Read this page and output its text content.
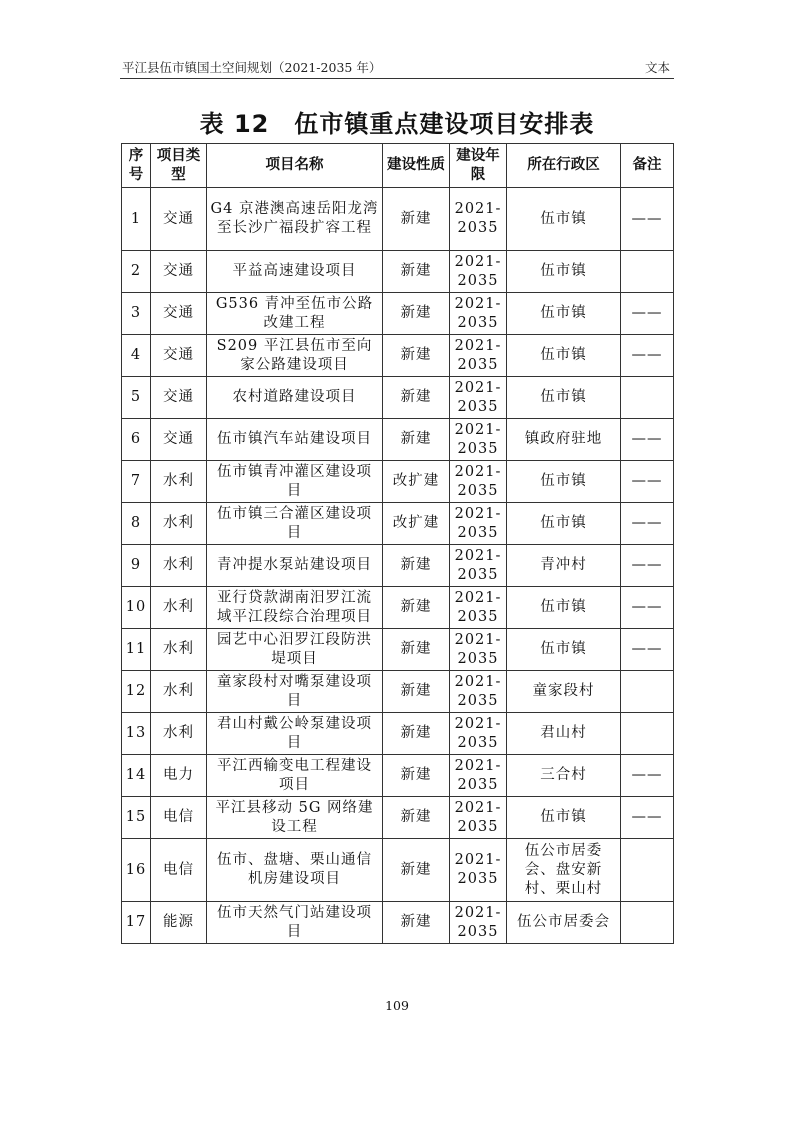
平江县伍市镇国土空间规划（2021-2035 年）	文本
表 12　伍市镇重点建设项目安排表
序号	项目类型	项目名称	建设性质	建设年限	所在行政区	备注
1	交通	G4 京港澳高速岳阳龙湾至长沙广福段扩容工程	新建	2021-2035	伍市镇	——
2	交通	平益高速建设项目	新建	2021-2035	伍市镇	
3	交通	G536 青冲至伍市公路改建工程	新建	2021-2035	伍市镇	——
4	交通	S209 平江县伍市至向家公路建设项目	新建	2021-2035	伍市镇	——
5	交通	农村道路建设项目	新建	2021-2035	伍市镇	
6	交通	伍市镇汽车站建设项目	新建	2021-2035	镇政府驻地	——
7	水利	伍市镇青冲灌区建设项目	改扩建	2021-2035	伍市镇	——
8	水利	伍市镇三合灌区建设项目	改扩建	2021-2035	伍市镇	——
9	水利	青冲提水泵站建设项目	新建	2021-2035	青冲村	——
10	水利	亚行贷款湖南汨罗江流域平江段综合治理项目	新建	2021-2035	伍市镇	——
11	水利	园艺中心汨罗江段防洪堤项目	新建	2021-2035	伍市镇	——
12	水利	童家段村对嘴泵建设项目	新建	2021-2035	童家段村	
13	水利	君山村戴公岭泵建设项目	新建	2021-2035	君山村	
14	电力	平江西输变电工程建设项目	新建	2021-2035	三合村	——
15	电信	平江县移动 5G 网络建设工程	新建	2021-2035	伍市镇	——
16	电信	伍市、盘塘、栗山通信机房建设项目	新建	2021-2035	伍公市居委会、盘安新村、栗山村	
17	能源	伍市天然气门站建设项目	新建	2021-2035	伍公市居委会	
109
